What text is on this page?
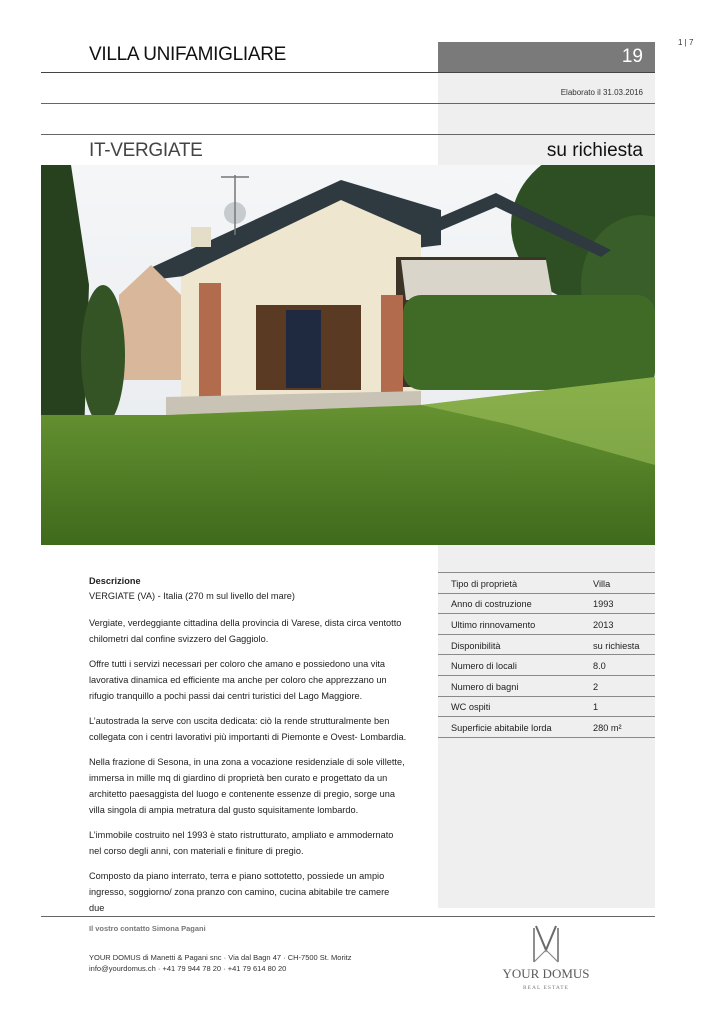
19
1 | 7
VILLA UNIFAMIGLIARE
Elaborato il 31.03.2016
IT-VERGIATE	su richiesta
Descrizione

VERGIATE (VA) - Italia (270 m sul livello del mare)

Vergiate, verdeggiante cittadina della provincia di Varese, dista circa ventotto chilometri dal confine svizzero del Gaggiolo.

Offre tutti i servizi necessari per coloro che amano e possiedono una vita lavorativa dinamica ed efficiente ma anche per coloro che apprezzano un rifugio tranquillo a pochi passi dai centri turistici del Lago Maggiore.

L’autostrada la serve con uscita dedicata: ciò la rende strutturalmente ben collegata con i centri lavorativi più importanti di Piemonte e Ovest- Lombardia.

Nella frazione di Sesona, in una zona a vocazione residenziale di sole villette, immersa in mille mq di giardino di proprietà ben curato e progettato da un architetto paesaggista del luogo e contenente essenze di pregio, sorge una villa singola di ampia metratura dal gusto squisitamente lombardo.

L’immobile costruito nel 1993 è stato ristrutturato, ampliato e ammodernato nel corso degli anni, con materiali e finiture di pregio.

Composto da piano interrato, terra e piano sottotetto, possiede un ampio ingresso, soggiorno/ zona pranzo con camino, cucina abitabile tre camere due

Tipo di proprietà	Villa
Anno di costruzione	1993
Ultimo rinnovamento	2013
Disponibilità	su richiesta
Numero di locali	8.0
Numero di bagni	2
WC ospiti	1
Superficie abitabile lorda	280 m²
Il vostro contatto Simona Pagani
YOUR DOMUS di Manetti & Pagani snc · Via dal Bagn 47 · CH-7500 St. Moritz
info@yourdomus.ch · +41 79 944 78 20 · +41 79 614 80 20	YOUR DOMUS
REAL ESTATE
